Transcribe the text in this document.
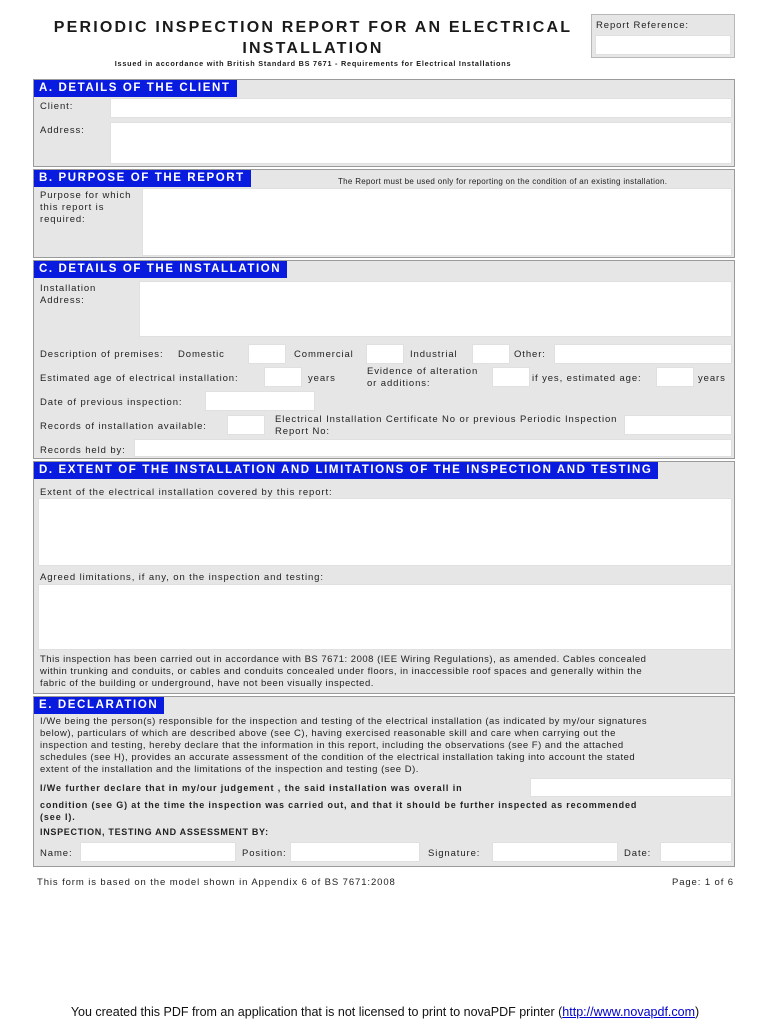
PERIODIC INSPECTION REPORT FOR AN ELECTRICAL
INSTALLATION
Issued in accordance with British Standard BS 7671 - Requirements for Electrical Installations
Report Reference:
A. DETAILS OF THE CLIENT
Client:
Address:
B. PURPOSE OF THE REPORT	The Report must be used only for reporting on the condition of an existing installation.
Purpose for which
this report is
required:
C. DETAILS OF THE INSTALLATION
Installation
Address:
Description of premises: Domestic	Commercial	Industrial	Other:
Estimated age of electrical installation:	years
Evidence of alteration
or additions:	if yes, estimated age:	years
Date of previous inspection:
Records of installation available:
Electrical Installation Certificate No or previous Periodic Inspection
Report No:
Records held by:
D. EXTENT OF THE INSTALLATION AND LIMITATIONS OF THE INSPECTION AND TESTING
Extent of the electrical installation covered by this report:
Agreed limitations, if any, on the inspection and testing:
This inspection has been carried out in accordance with BS 7671: 2008 (IEE Wiring Regulations), as amended. Cables concealed
within trunking and conduits, or cables and conduits concealed under floors, in inaccessible roof spaces and generally within the
fabric of the building or underground, have not been visually inspected.
E. DECLARATION
I/We being the person(s) responsible for the inspection and testing of the electrical installation (as indicated by my/our signatures
below), particulars of which are described above (see C), having exercised reasonable skill and care when carrying out the
inspection and testing, hereby declare that the information in this report, including the observations (see F) and the attached
schedules (see H), provides an accurate assessment of the condition of the electrical installation taking into account the stated
extent of the installation and the limitations of the inspection and testing (see D).
I/We further declare that in my/our judgement , the said installation was overall in
condition (see G) at the time the inspection was carried out, and that it should be further inspected as recommended
(see I).
INSPECTION, TESTING AND ASSESSMENT BY:
Name:	Position:	Signature:	Date:
This form is based on the model shown in Appendix 6 of BS 7671:2008	Page: 1 of 6
You created this PDF from an application that is not licensed to print to novaPDF printer (http://www.novapdf.com)
